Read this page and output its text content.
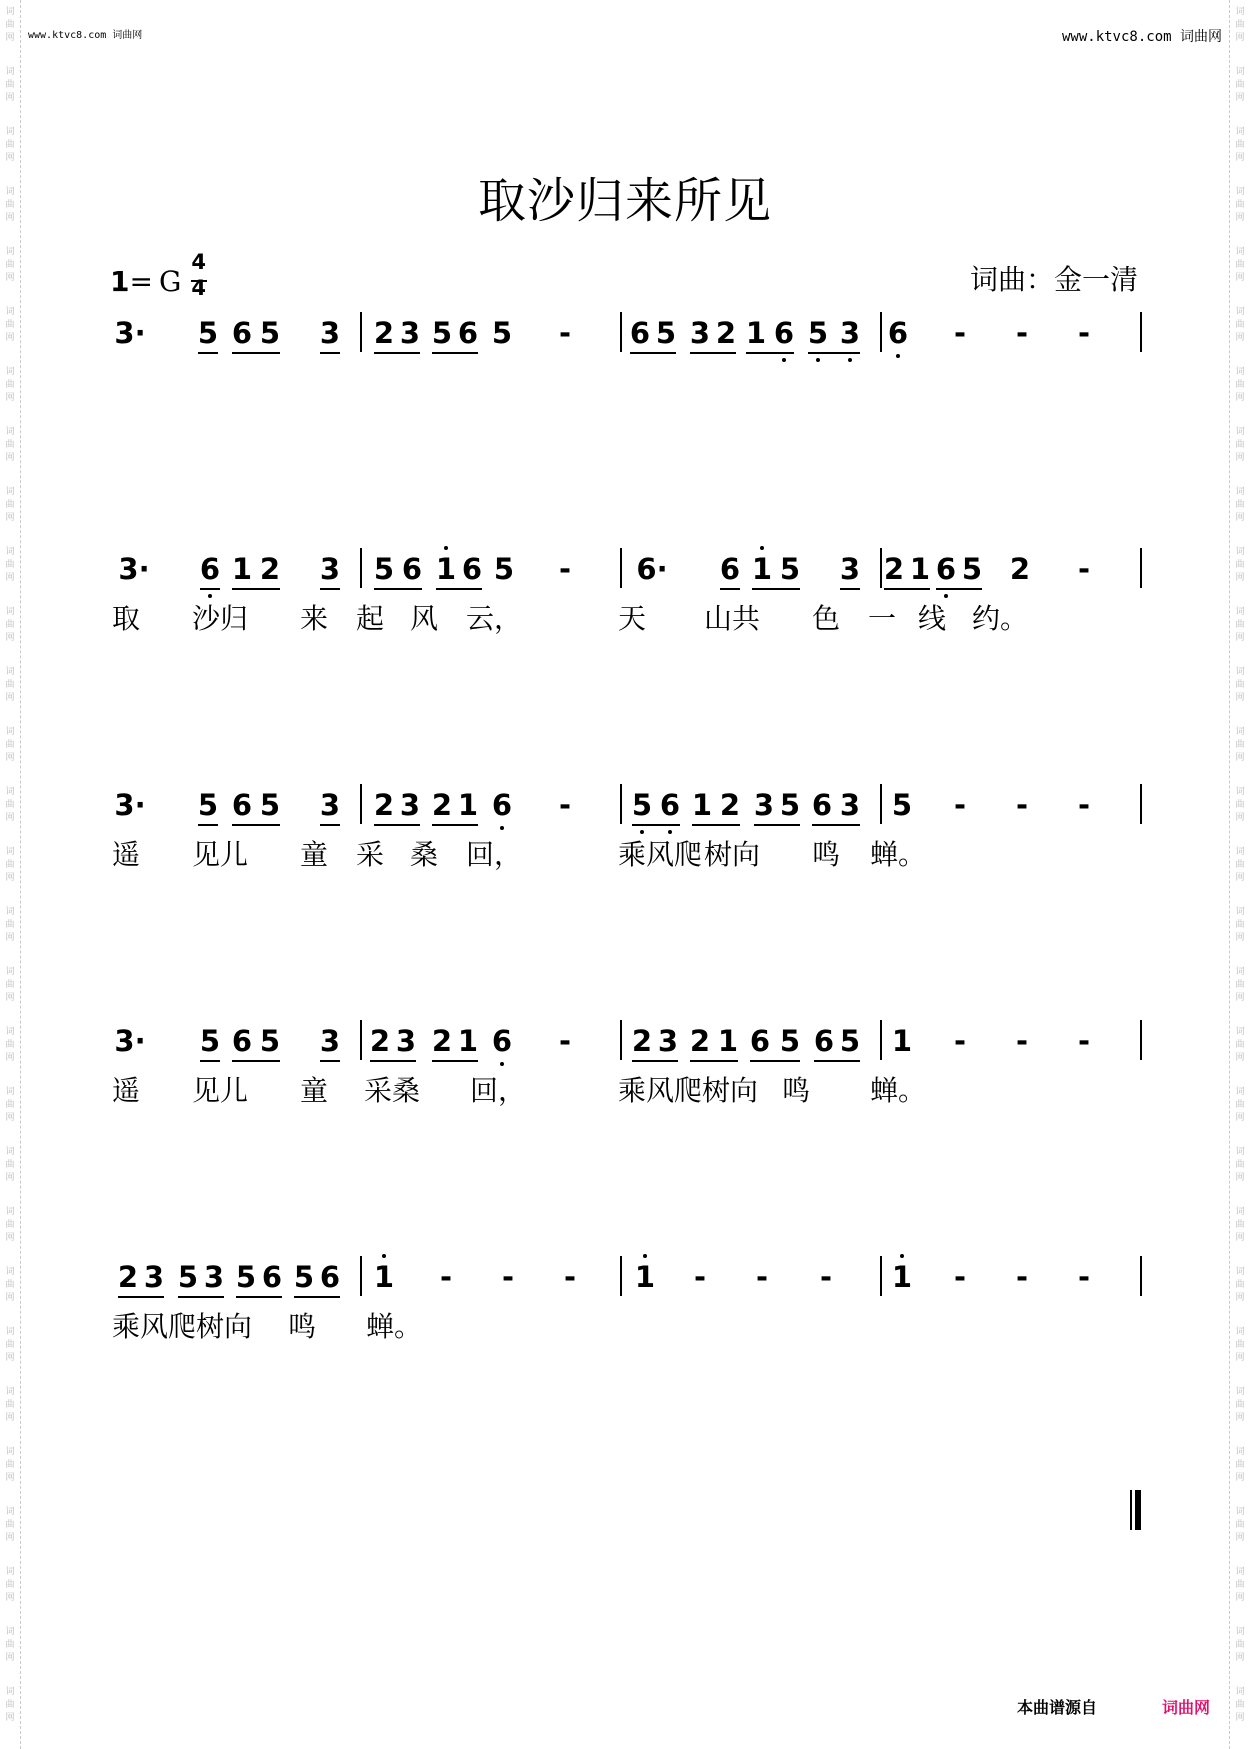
词
曲
网
词
曲
网
词
曲
网
词
曲
网
词
曲
网
词
曲
网
词
曲
网
词
曲
网
词
曲
网
词
曲
网
词
曲
网
词
曲
网
词
曲
网
词
曲
网
词
曲
网
词
曲
网
词
曲
网
词
曲
网
词
曲
网
词
曲
网
词
曲
网
词
曲
网
词
曲
网
词
曲
网
词
曲
网
词
曲
网
词
曲
网
词
曲
网
词
曲
网
词
曲
网
词
曲
网
词
曲
网
词
曲
网
词
曲
网
词
曲
网
词
曲
网
词
曲
网
词
曲
网
词
曲
网
词
曲
网
词
曲
网
词
曲
网
词
曲
网
词
曲
网
词
曲
网
词
曲
网
词
曲
网
词
曲
网
词
曲
网
词
曲
网
词
曲
网
词
曲
网
词
曲
网
词
曲
网
词
曲
网
词
曲
网
词
曲
网
词
曲
网
www.ktvc8.com 词曲网	www.ktvc8.com 词曲网
取沙归来所见
1 = G $\frac{4}{4}$	词曲：金一清
3· 5 6 5 3 2 3 5 6 5 - 6 5 3 2 1 6 5 3 6 - - -
3· 6 1 2 3 5 6 1 6 5 - 6· 6 1 5 3 2 1 6 5 2 -
取 沙归 来 起 风 云，	天 山共 色 一 线 约。
3· 5 6 5 3 2 3 2 1 6 - 5 6 1 2 3 5 6 3 5 - - -
遥 见儿 童 采 桑 回，	乘风爬 树向 鸣 蝉。
3· 5 6 5 3 2 3 2 1 6 - 2 3 2 1 6 5 6 5 1 - - -
遥 见儿 童 采桑 回，	乘风爬树向 鸣 蝉。
2 3 5 3 5 6 5 6 1 - - - 1 - - - 1 - - -
乘风爬树向 鸣 蝉。
本曲谱源自	词曲网
